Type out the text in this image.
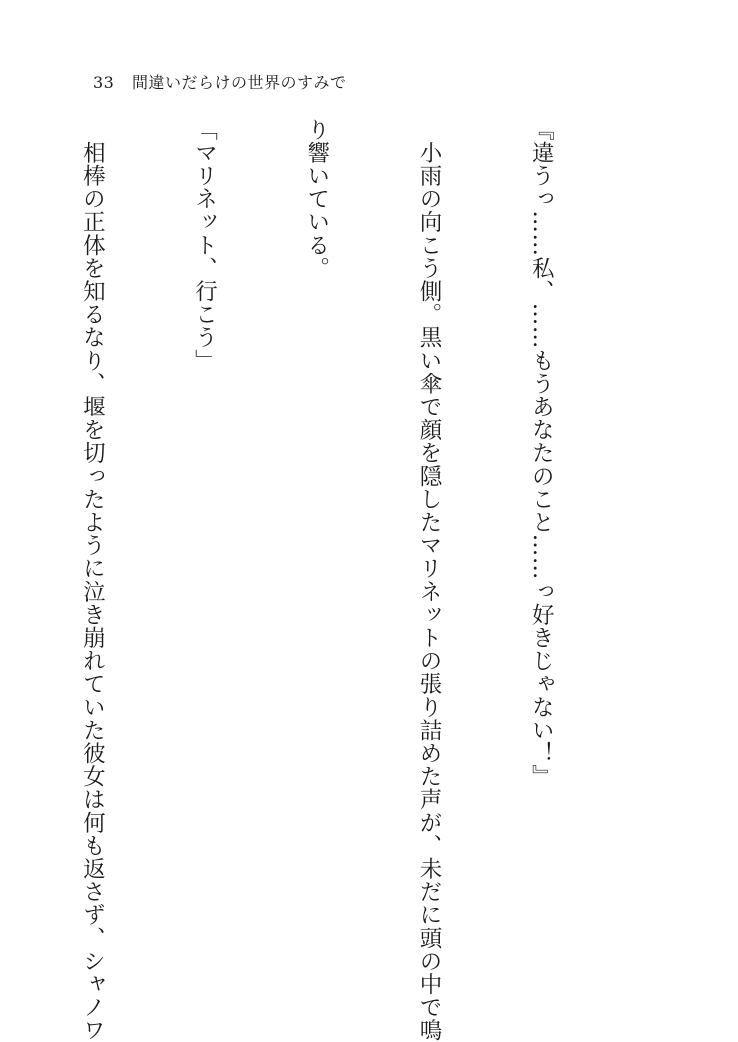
33 間違いだらけの世界のすみで

『違うっ……私、……もうあなたのこと……っ好きじゃない！』

　小雨の向こう側。黒い傘で顔を隠したマリネットの張り詰めた声が、未だに頭の中で鳴

り響いている。

「マリネット、行こう」

　相棒の正体を知るなり、堰を切ったように泣き崩れていた彼女は何も返さず、シャノワ
